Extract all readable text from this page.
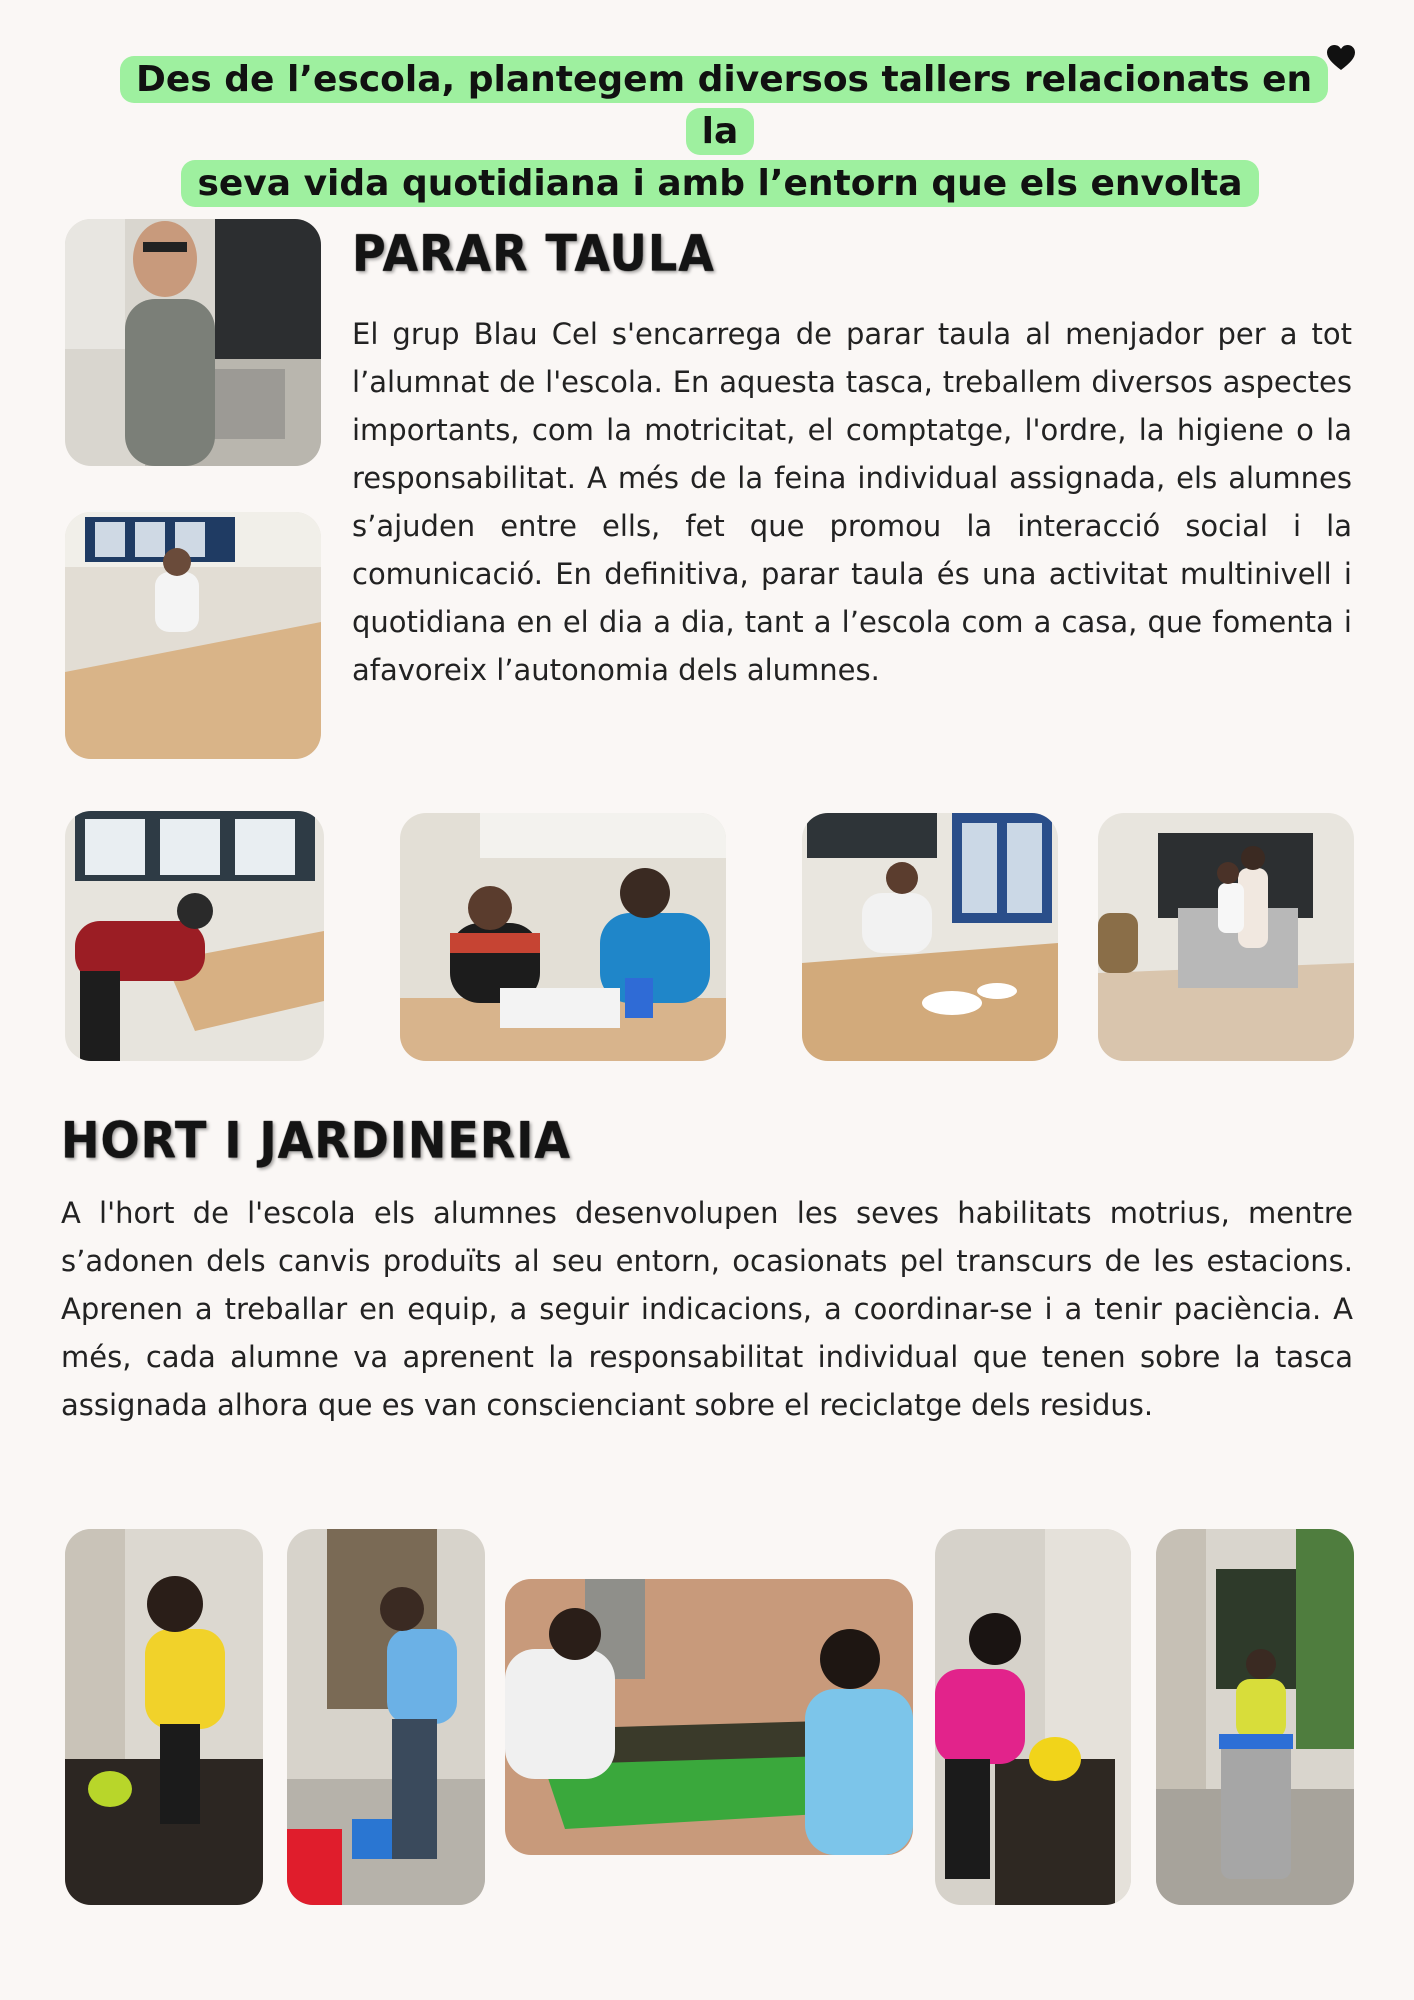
Des de l’escola, plantegem diversos tallers relacionats en la
seva vida quotidiana i amb l’entorn que els envolta
PARAR TAULA

El grup Blau Cel s'encarrega de parar taula al menjador per a tot l’alumnat de l'escola. En aquesta tasca, treballem diversos aspectes importants, com la motricitat, el comptatge, l'ordre, la higiene o la responsabilitat. A més de la feina individual assignada, els alumnes s’ajuden entre ells, fet que promou la interacció social i la comunicació. En definitiva, parar taula és una activitat multinivell i quotidiana en el dia a dia, tant a l’escola com a casa, que fomenta i afavoreix l’autonomia dels alumnes.

HORT I JARDINERIA

A l'hort de l'escola els alumnes desenvolupen les seves habilitats motrius, mentre s’adonen dels canvis produïts al seu entorn, ocasionats pel transcurs de les estacions. Aprenen a treballar en equip, a seguir indicacions, a coordinar-se i a tenir paciència. A més, cada alumne va aprenent la responsabilitat individual que tenen sobre la tasca assignada alhora que es van conscienciant sobre el reciclatge dels residus.
